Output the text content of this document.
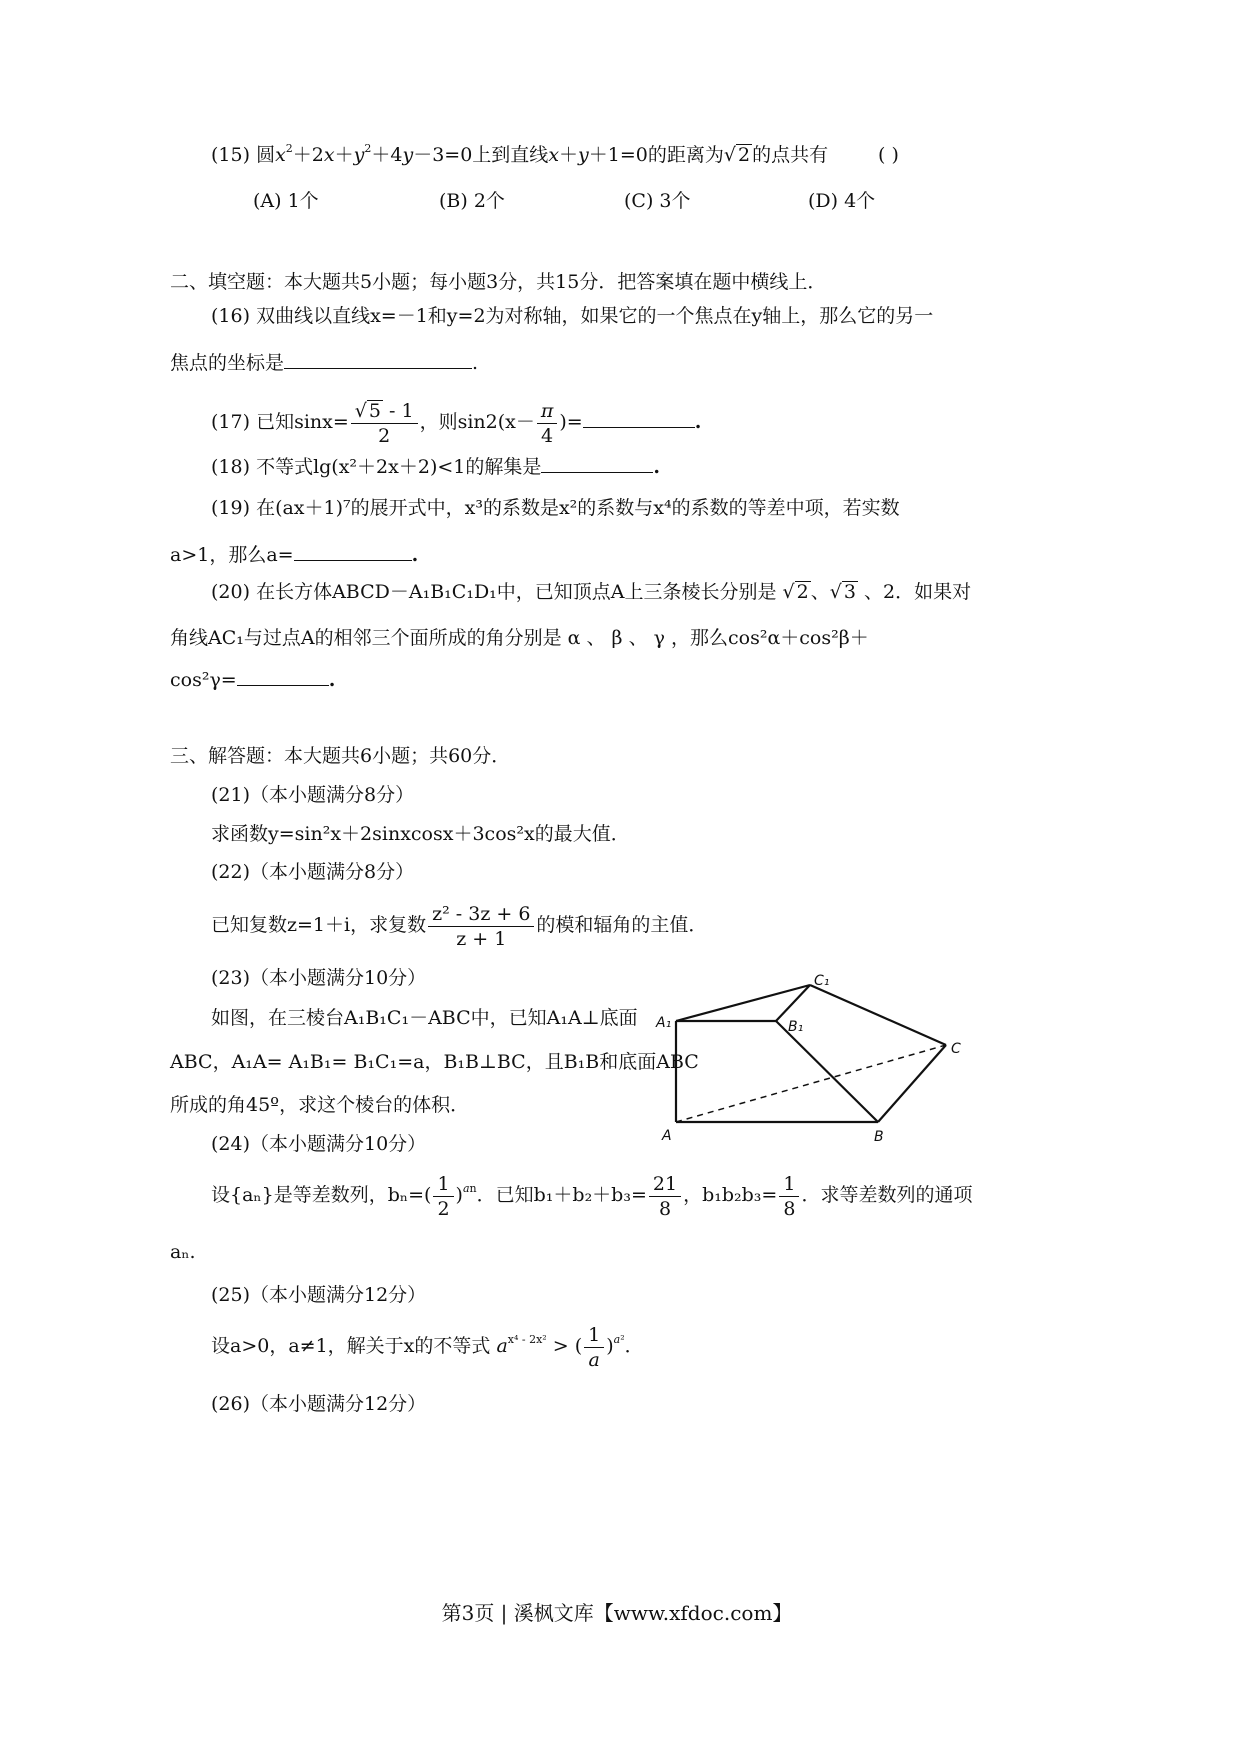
(15) 圆$x^2+2x+y^2+4y-3=0$上到直线x＋y＋1=0的距离为√ 2 的点共有	( )
(A) 1个	(B) 2个	(C) 3个	(D) 4个
二、填空题：本大题共5小题；每小题3分，共15分．把答案填在题中横线上．
(16) 双曲线以直线x=－1和y=2为对称轴，如果它的一个焦点在y轴上，那么它的另一
焦点的坐标是	.
(17) 已知$\sin x= \frac{√ 5 - 1}{2}$ ，则$\sin 2(x- \frac{\pi}{4}$ )=	.
(18) 不等式lg(x²＋2x＋2)<1的解集是	.
(19) 在(ax＋1)⁷的展开式中，x³的系数是x²的系数与x⁴的系数的等差中项，若实数
a>1，那么a=	.
(20) 在长方体ABCD－A₁B₁C₁D₁中，已知顶点A上三条棱长分别是 √ 2 、√ 3 、2．如果对
角线AC₁与过点A的相邻三个面所成的角分别是 α 、 β 、 γ ，那么cos²α＋cos²β＋
cos²γ=	.
三、解答题：本大题共6小题；共60分．
(21)（本小题满分8分）
求函数y=sin²x＋2sinxcosx＋3cos²x的最大值．
(22)（本小题满分8分）
已知复数z=1＋i，求复数 $\frac{\text{z² - 3z + 6}}{z + 1}$ 的模和辐角的主值．
(23)（本小题满分10分）
如图，在三棱台A₁B₁C₁－ABC中，已知A₁A⊥底面
ABC，A₁A= A₁B₁= B₁C₁=a，B₁B⊥BC，且B₁B和底面ABC
所成的角45º，求这个棱台的体积．
A₁	B₁
C₁
A	B
C
(24)（本小题满分10分）
设{aₙ}是等差数列，$b_n=( \frac{1}{2} )^{an}$．已知$b_1+b_2+b_3= \frac{21}{8}$ ，$b_1b_2b_3= \frac{1}{8}$ ．求等差数列的通项
aₙ.
(25)（本小题满分12分）
设a>0，a≠1，解关于x的不等式 $a^{x^4 - 2x^2}$ > ( $\frac{1}{a} )^{a^2}$．
(26)（本小题满分12分）
第3页 | 溪枫文库【www.xfdoc.com】
